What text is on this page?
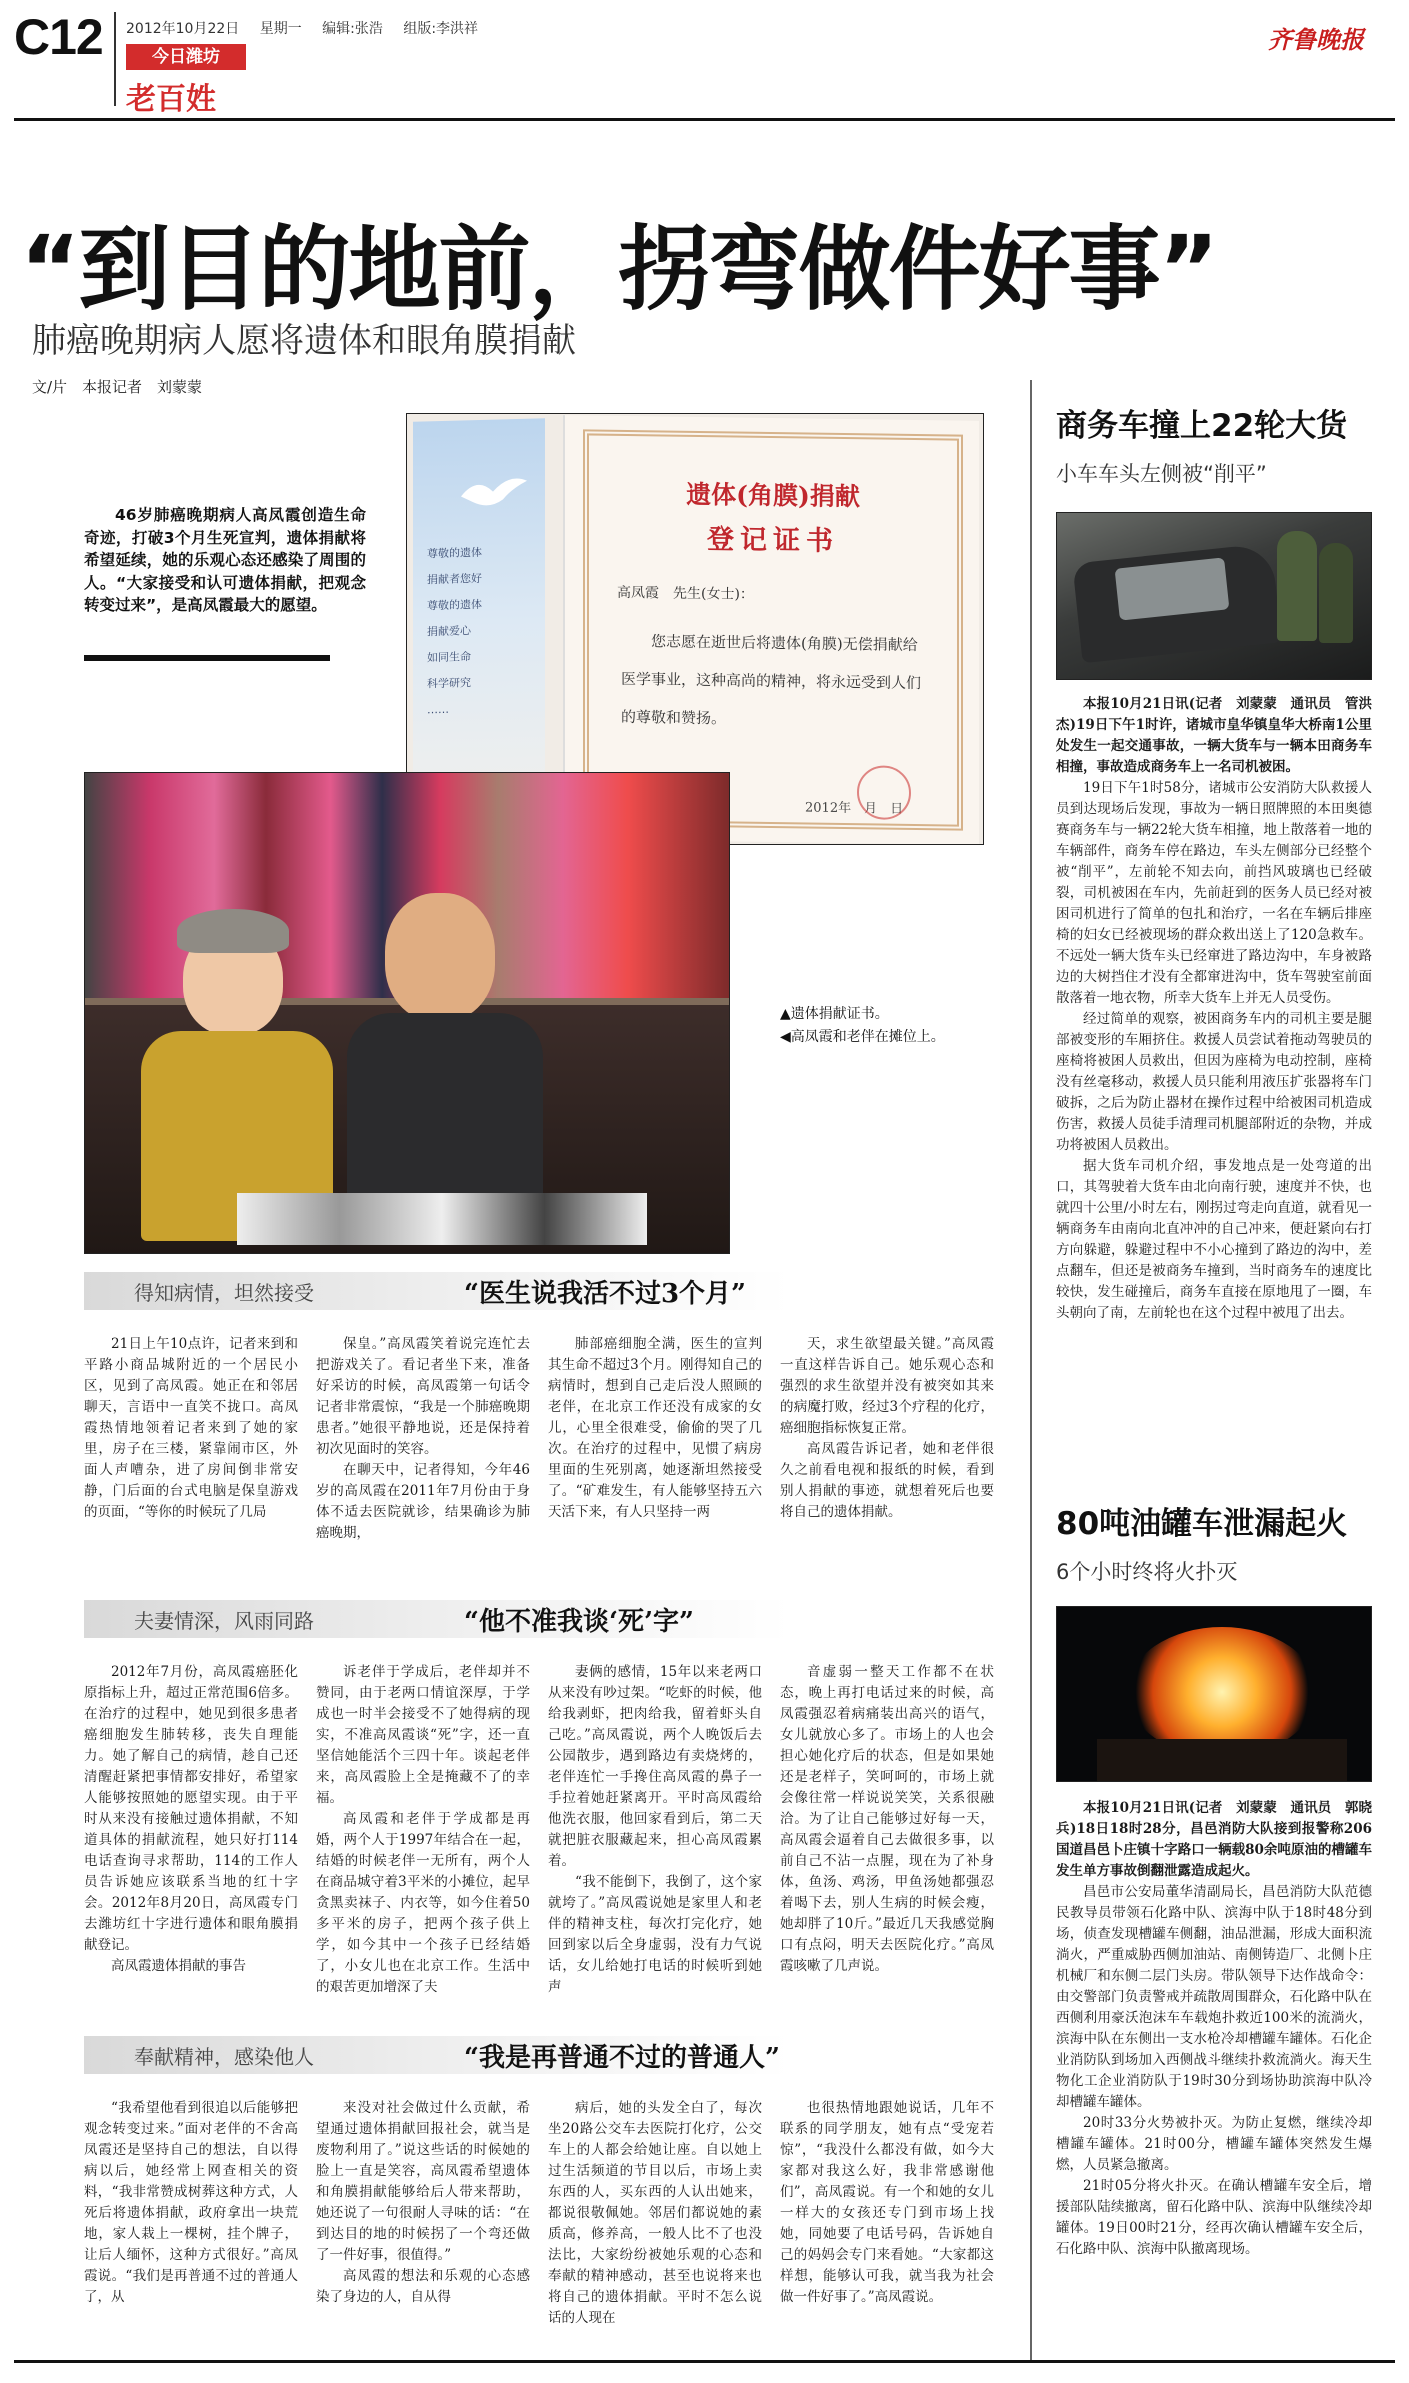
C12 2012年10月22日 星期一 编辑:张浩 组版:李洪祥
今日潍坊
老百姓
齐鲁晚报
“到目的地前，拐弯做件好事”
肺癌晚期病人愿将遗体和眼角膜捐献
文/片　本报记者　刘蒙蒙
46岁肺癌晚期病人高凤霞创造生命奇迹，打破3个月生死宣判，遗体捐献将希望延续，她的乐观心态还感染了周围的人。“大家接受和认可遗体捐献，把观念转变过来”，是高凤霞最大的愿望。
尊敬的遗体
捐献者您好
尊敬的遗体
捐献爱心
如同生命
科学研究
……
遗体(角膜)捐献
登记证书
高凤霞　先生(女士)：
您志愿在逝世后将遗体(角膜)无偿捐献给医学事业，这种高尚的精神，将永远受到人们的尊敬和赞扬。
2012年　月　日
▲遗体捐献证书。
◀高凤霞和老伴在摊位上。
得知病情，坦然接受	“医生说我活不过3个月”

21日上午10点许，记者来到和平路小商品城附近的一个居民小区，见到了高凤霞。她正在和邻居聊天，言语中一直笑不拢口。高凤霞热情地领着记者来到了她的家里，房子在三楼，紧靠闹市区，外面人声嘈杂，进了房间倒非常安静，门后面的台式电脑是保皇游戏的页面，“等你的时候玩了几局

保皇。”高凤霞笑着说完连忙去把游戏关了。看记者坐下来，准备好采访的时候，高凤霞第一句话令记者非常震惊，“我是一个肺癌晚期患者。”她很平静地说，还是保持着初次见面时的笑容。

在聊天中，记者得知，今年46岁的高凤霞在2011年7月份由于身体不适去医院就诊，结果确诊为肺癌晚期，

肺部癌细胞全满，医生的宣判其生命不超过3个月。刚得知自己的病情时，想到自己走后没人照顾的老伴，在北京工作还没有成家的女儿，心里全很难受，偷偷的哭了几次。在治疗的过程中，见惯了病房里面的生死别离，她逐渐坦然接受了。“矿难发生，有人能够坚持五六天活下来，有人只坚持一两

天，求生欲望最关键。”高凤霞一直这样告诉自己。她乐观心态和强烈的求生欲望并没有被突如其来的病魔打败，经过3个疗程的化疗，癌细胞指标恢复正常。

高凤霞告诉记者，她和老伴很久之前看电视和报纸的时候，看到别人捐献的事迹，就想着死后也要将自己的遗体捐献。

夫妻情深，风雨同路	“他不准我谈‘死’字”

2012年7月份，高凤霞癌胚化原指标上升，超过正常范围6倍多。在治疗的过程中，她见到很多患者癌细胞发生肺转移，丧失自理能力。她了解自己的病情，趁自己还清醒赶紧把事情都安排好，希望家人能够按照她的愿望实现。由于平时从来没有接触过遗体捐献，不知道具体的捐献流程，她只好打114电话查询寻求帮助，114的工作人员告诉她应该联系当地的红十字会。2012年8月20日，高凤霞专门去潍坊红十字进行遗体和眼角膜捐献登记。

高凤霞遗体捐献的事告

诉老伴于学成后，老伴却并不赞同，由于老两口情谊深厚，于学成也一时半会接受不了她得病的现实，不准高凤霞谈“死”字，还一直坚信她能活个三四十年。谈起老伴来，高凤霞脸上全是掩藏不了的幸福。

高凤霞和老伴于学成都是再婚，两个人于1997年结合在一起，结婚的时候老伴一无所有，两个人在商品城守着3平米的小摊位，起早贪黑卖袜子、内衣等，如今住着50多平米的房子，把两个孩子供上学，如今其中一个孩子已经结婚了，小女儿也在北京工作。生活中的艰苦更加增深了夫

妻俩的感情，15年以来老两口从来没有吵过架。“吃虾的时候，他给我剥虾，把肉给我，留着虾头自己吃。”高凤霞说，两个人晚饭后去公园散步，遇到路边有卖烧烤的，老伴连忙一手搀住高凤霞的鼻子一手拉着她赶紧离开。平时高凤霞给他洗衣服，他回家看到后，第二天就把脏衣服藏起来，担心高凤霞累着。

“我不能倒下，我倒了，这个家就垮了。”高凤霞说她是家里人和老伴的精神支柱，每次打完化疗，她回到家以后全身虚弱，没有力气说话，女儿给她打电话的时候听到她声

音虚弱一整天工作都不在状态，晚上再打电话过来的时候，高凤霞强忍着病痛装出高兴的语气，女儿就放心多了。市场上的人也会担心她化疗后的状态，但是如果她还是老样子，笑呵呵的，市场上就会像往常一样说说笑笑，关系很融洽。为了让自己能够过好每一天，高凤霞会逼着自己去做很多事，以前自己不沾一点腥，现在为了补身体，鱼汤、鸡汤，甲鱼汤她都强忍着喝下去，别人生病的时候会瘦，她却胖了10斤。”最近几天我感觉胸口有点闷，明天去医院化疗。”高凤霞咳嗽了几声说。

奉献精神，感染他人	“我是再普通不过的普通人”

“我希望他看到很追以后能够把观念转变过来。”面对老伴的不舍高凤霞还是坚持自己的想法，自以得病以后，她经常上网查相关的资料，“我非常赞成树葬这种方式，人死后将遗体捐献，政府拿出一块荒地，家人栽上一棵树，挂个牌子，让后人缅怀，这种方式很好。”高凤霞说。“我们是再普通不过的普通人了，从

来没对社会做过什么贡献，希望通过遗体捐献回报社会，就当是废物利用了。”说这些话的时候她的脸上一直是笑容，高凤霞希望遗体和角膜捐献能够给后人带来帮助，她还说了一句很耐人寻味的话：“在到达目的地的时候拐了一个弯还做了一件好事，很值得。”

高凤霞的想法和乐观的心态感染了身边的人，自从得

病后，她的头发全白了，每次坐20路公交车去医院打化疗，公交车上的人都会给她让座。自以她上过生活频道的节目以后，市场上卖东西的人，买东西的人认出她来，都说很敬佩她。邻居们都说她的素质高，修养高，一般人比不了也没法比，大家纷纷被她乐观的心态和奉献的精神感动，甚至也说将来也将自己的遗体捐献。平时不怎么说话的人现在

也很热情地跟她说话，几年不联系的同学朋友，她有点“受宠若惊”，“我没什么都没有做，如今大家都对我这么好，我非常感谢他们”，高凤霞说。有一个和她的女儿一样大的女孩还专门到市场上找她，同她要了电话号码，告诉她自己的妈妈会专门来看她。“大家都这样想，能够认可我，就当我为社会做一件好事了。”高凤霞说。

商务车撞上22轮大货
小车车头左侧被“削平”

本报10月21日讯(记者　刘蒙蒙　通讯员　管洪杰)19日下午1时许，诸城市皇华镇皇华大桥南1公里处发生一起交通事故，一辆大货车与一辆本田商务车相撞，事故造成商务车上一名司机被困。

19日下午1时58分，诸城市公安消防大队救援人员到达现场后发现，事故为一辆日照牌照的本田奥德赛商务车与一辆22轮大货车相撞，地上散落着一地的车辆部件，商务车停在路边，车头左侧部分已经整个被“削平”，左前轮不知去向，前挡风玻璃也已经破裂，司机被困在车内，先前赶到的医务人员已经对被困司机进行了简单的包扎和治疗，一名在车辆后排座椅的妇女已经被现场的群众救出送上了120急救车。不远处一辆大货车头已经窜进了路边沟中，车身被路边的大树挡住才没有全都窜进沟中，货车驾驶室前面散落着一地衣物，所幸大货车上并无人员受伤。

经过简单的观察，被困商务车内的司机主要是腿部被变形的车厢挤住。救援人员尝试着拖动驾驶员的座椅将被困人员救出，但因为座椅为电动控制，座椅没有丝毫移动，救援人员只能利用液压扩张器将车门破拆，之后为防止器材在操作过程中给被困司机造成伤害，救援人员徒手清理司机腿部附近的杂物，并成功将被困人员救出。

据大货车司机介绍，事发地点是一处弯道的出口，其驾驶着大货车由北向南行驶，速度并不快，也就四十公里/小时左右，刚拐过弯走向直道，就看见一辆商务车由南向北直冲冲的自己冲来，便赶紧向右打方向躲避，躲避过程中不小心撞到了路边的沟中，差点翻车，但还是被商务车撞到，当时商务车的速度比较快，发生碰撞后，商务车直接在原地甩了一圈，车头朝向了南，左前轮也在这个过程中被甩了出去。

80吨油罐车泄漏起火
6个小时终将火扑灭

本报10月21日讯(记者　刘蒙蒙　通讯员　郭晓兵)18日18时28分，昌邑消防大队接到报警称206国道昌邑卜庄镇十字路口一辆载80余吨原油的槽罐车发生单方事故倒翻泄露造成起火。

昌邑市公安局董华清副局长，昌邑消防大队范德民教导员带领石化路中队、滨海中队于18时48分到场，侦查发现槽罐车侧翻，油品泄漏，形成大面积流淌火，严重威胁西侧加油站、南侧铸造厂、北侧卜庄机械厂和东侧二层门头房。带队领导下达作战命令：由交警部门负责警戒并疏散周围群众，石化路中队在西侧利用豪沃泡沫车车载炮扑救近100米的流淌火，滨海中队在东侧出一支水枪冷却槽罐车罐体。石化企业消防队到场加入西侧战斗继续扑救流淌火。海天生物化工企业消防队于19时30分到场协助滨海中队冷却槽罐车罐体。

20时33分火势被扑灭。为防止复燃，继续冷却槽罐车罐体。21时00分，槽罐车罐体突然发生爆燃，人员紧急撤离。

21时05分将火扑灭。在确认槽罐车安全后，增援部队陆续撤离，留石化路中队、滨海中队继续冷却罐体。19日00时21分，经再次确认槽罐车安全后，石化路中队、滨海中队撤离现场。
